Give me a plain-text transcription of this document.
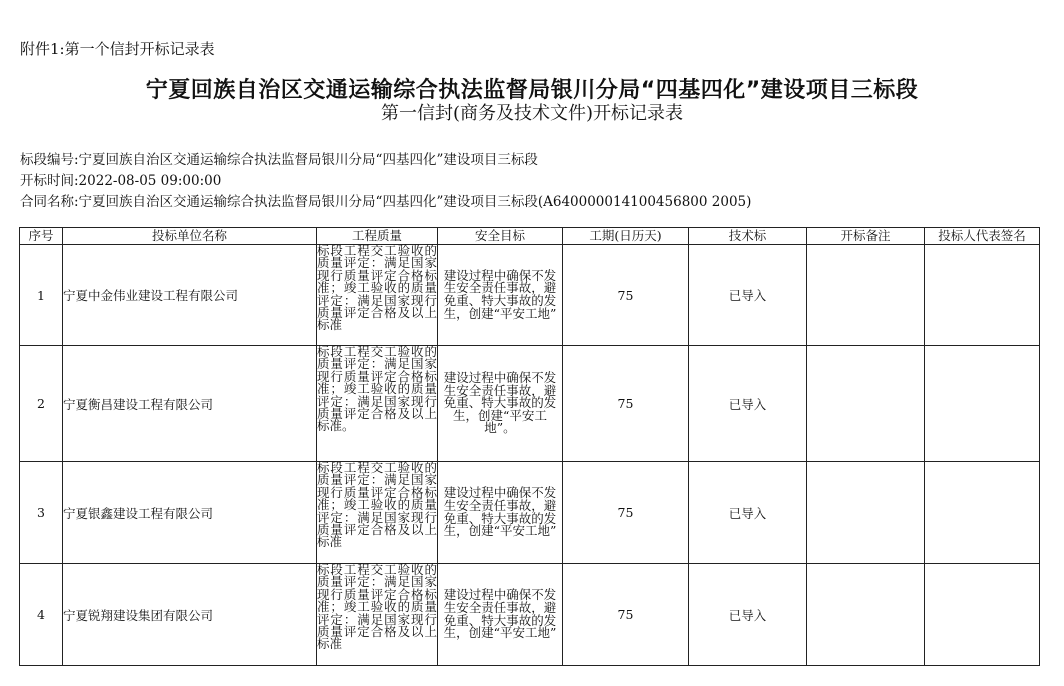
附件1:第一个信封开标记录表
宁夏回族自治区交通运输综合执法监督局银川分局“四基四化”建设项目三标段
第一信封(商务及技术文件)开标记录表
标段编号:宁夏回族自治区交通运输综合执法监督局银川分局“四基四化”建设项目三标段
开标时间:2022-08-05 09:00:00
合同名称:宁夏回族自治区交通运输综合执法监督局银川分局“四基四化”建设项目三标段(A640000014100456800 2005)
序号	投标单位名称	工程质量	安全目标	工期(日历天)	技术标	开标备注	投标人代表签名
1	宁夏中金伟业建设工程有限公司	标段工程交工验收的质量评定：满足国家现行质量评定合格标准；竣工验收的质量评定：满足国家现行质量评定合格及以上标准	建设过程中确保不发生安全责任事故，避免重、特大事故的发生，创建“平安工地”	75	已导入		
2	宁夏衡昌建设工程有限公司	标段工程交工验收的质量评定：满足国家现行质量评定合格标准；竣工验收的质量评定：满足国家现行质量评定合格及以上标准。	建设过程中确保不发生安全责任事故，避免重、特大事故的发生，创建“平安工地”。	75	已导入		
3	宁夏银鑫建设工程有限公司	标段工程交工验收的质量评定：满足国家现行质量评定合格标准；竣工验收的质量评定：满足国家现行质量评定合格及以上标准	建设过程中确保不发生安全责任事故，避免重、特大事故的发生，创建“平安工地”	75	已导入		
4	宁夏锐翔建设集团有限公司	标段工程交工验收的质量评定：满足国家现行质量评定合格标准；竣工验收的质量评定：满足国家现行质量评定合格及以上标准	建设过程中确保不发生安全责任事故，避免重、特大事故的发生，创建“平安工地”	75	已导入		
